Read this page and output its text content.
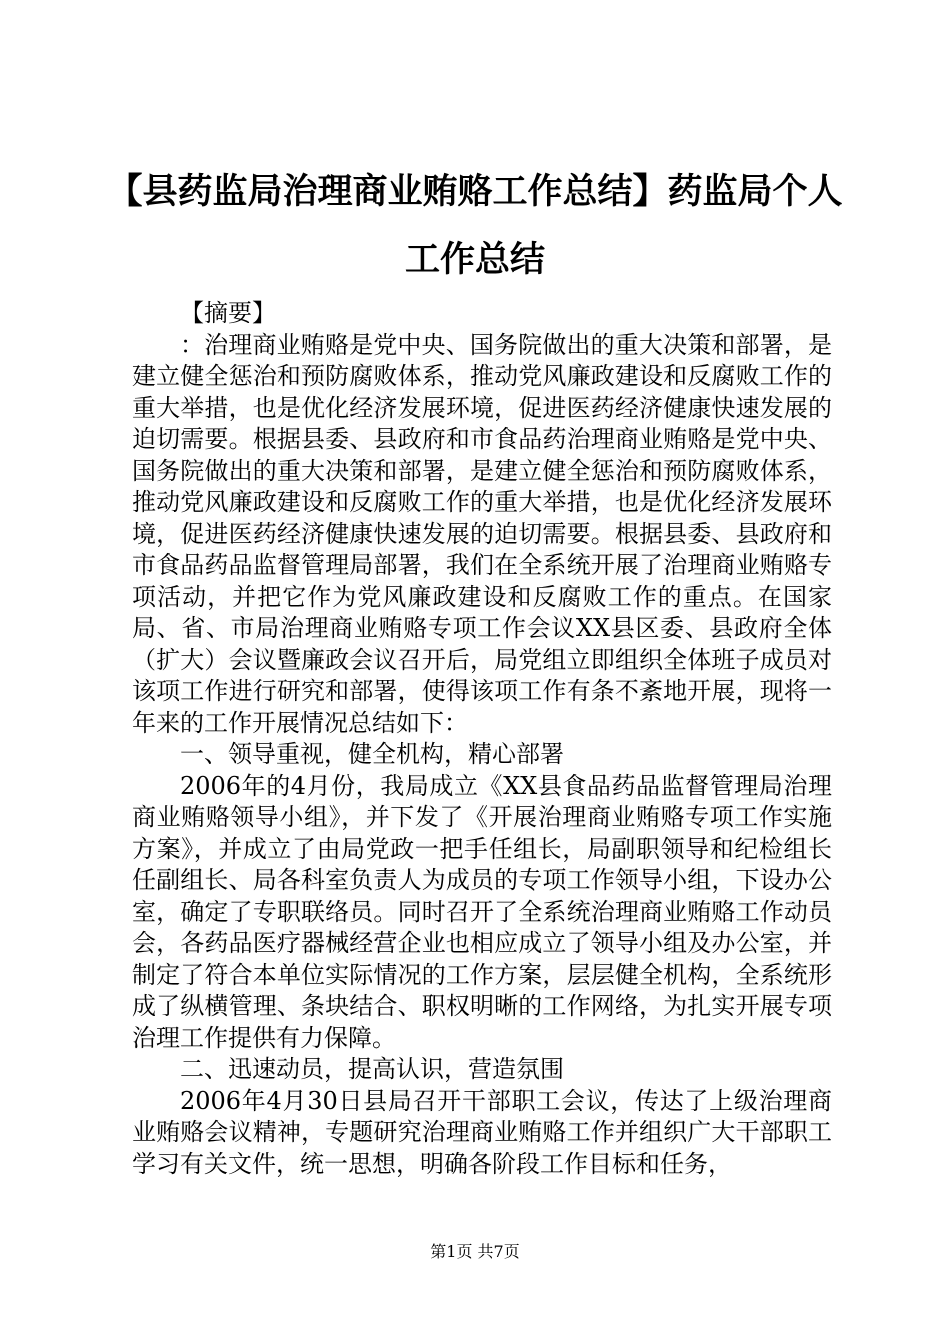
【县药监局治理商业贿赂工作总结】药监局个人工作总结

【摘要】

：治理商业贿赂是党中央、国务院做出的重大决策和部署，是建立健全惩治和预防腐败体系，推动党风廉政建设和反腐败工作的重大举措，也是优化经济发展环境，促进医药经济健康快速发展的迫切需要。根据县委、县政府和市食品药治理商业贿赂是党中央、国务院做出的重大决策和部署，是建立健全惩治和预防腐败体系，推动党风廉政建设和反腐败工作的重大举措，也是优化经济发展环境，促进医药经济健康快速发展的迫切需要。根据县委、县政府和市食品药品监督管理局部署，我们在全系统开展了治理商业贿赂专项活动，并把它作为党风廉政建设和反腐败工作的重点。在国家局、省、市局治理商业贿赂专项工作会议XX县区委、县政府全体（扩大）会议暨廉政会议召开后，局党组立即组织全体班子成员对该项工作进行研究和部署，使得该项工作有条不紊地开展，现将一年来的工作开展情况总结如下：

一、领导重视，健全机构，精心部署

2006年的4月份，我局成立《XX县食品药品监督管理局治理商业贿赂领导小组》，并下发了《开展治理商业贿赂专项工作实施方案》，并成立了由局党政一把手任组长，局副职领导和纪检组长任副组长、局各科室负责人为成员的专项工作领导小组，下设办公室，确定了专职联络员。同时召开了全系统治理商业贿赂工作动员会，各药品医疗器械经营企业也相应成立了领导小组及办公室，并制定了符合本单位实际情况的工作方案，层层健全机构，全系统形成了纵横管理、条块结合、职权明晰的工作网络，为扎实开展专项治理工作提供有力保障。

二、迅速动员，提高认识，营造氛围

2006年4月30日县局召开干部职工会议，传达了上级治理商业贿赂会议精神，专题研究治理商业贿赂工作并组织广大干部职工学习有关文件，统一思想，明确各阶段工作目标和任务，

第1页 共7页
